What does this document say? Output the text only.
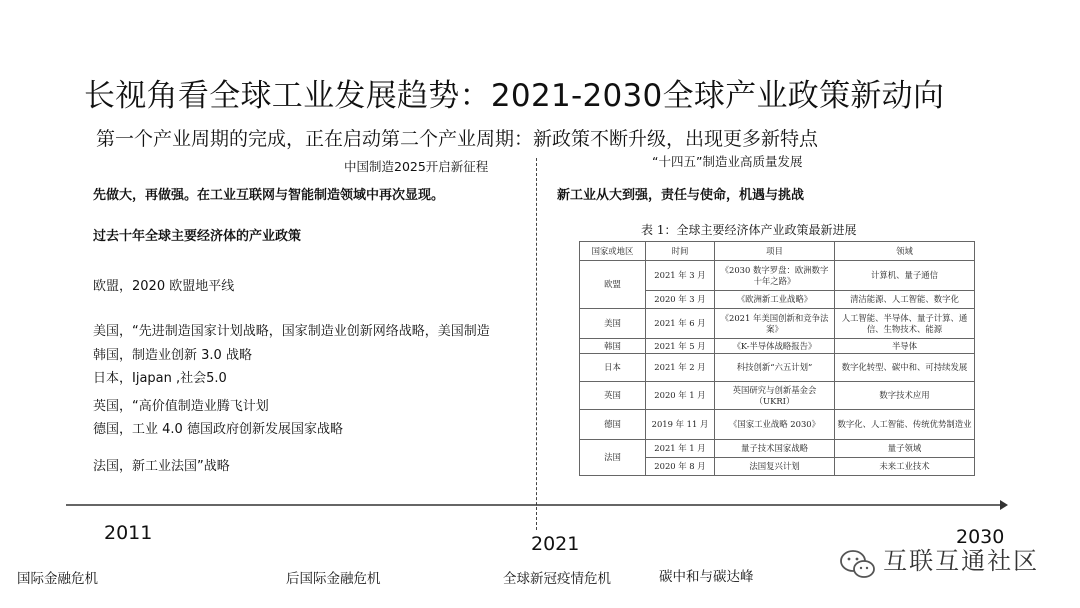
长视角看全球工业发展趋势：2021-2030全球产业政策新动向
第一个产业周期的完成，正在启动第二个产业周期：新政策不断升级，出现更多新特点
中国制造2025开启新征程
先做大，再做强。在工业互联网与智能制造领域中再次显现。
过去十年全球主要经济体的产业政策
欧盟，2020 欧盟地平线
美国，“先进制造国家计划战略，国家制造业创新网络战略，美国制造
韩国，制造业创新 3.0 战略
日本，Ijapan ,社会5.0
英国，“高价值制造业腾飞计划
德国，工业 4.0 德国政府创新发展国家战略
法国，新工业法国”战略
“十四五”制造业高质量发展
新工业从大到强，责任与使命，机遇与挑战
表 1：全球主要经济体产业政策最新进展
国家或地区	时间	项目	领域
欧盟	2021 年 3 月	《2030 数字罗盘：欧洲数字十年之路》	计算机、量子通信
	2020 年 3 月	《欧洲新工业战略》	清洁能源、人工智能、数字化
美国	2021 年 6 月	《2021 年美国创新和竞争法案》	人工智能、半导体、量子计算、通信、生物技术、能源
韩国	2021 年 5 月	《K-半导体战略报告》	半导体
日本	2021 年 2 月	科技创新“六五计划”	数字化转型、碳中和、可持续发展
英国	2020 年 1 月	英国研究与创新基金会（UKRI）	数字技术应用
德国	2019 年 11 月	《国家工业战略 2030》	数字化、人工智能、传统优势制造业
法国	2021 年 1 月	量子技术国家战略	量子领域
	2020 年 8 月	法国复兴计划	未来工业技术
2011	2021	2030
国际金融危机	后国际金融危机	全球新冠疫情危机	碳中和与碳达峰
互联互通社区
